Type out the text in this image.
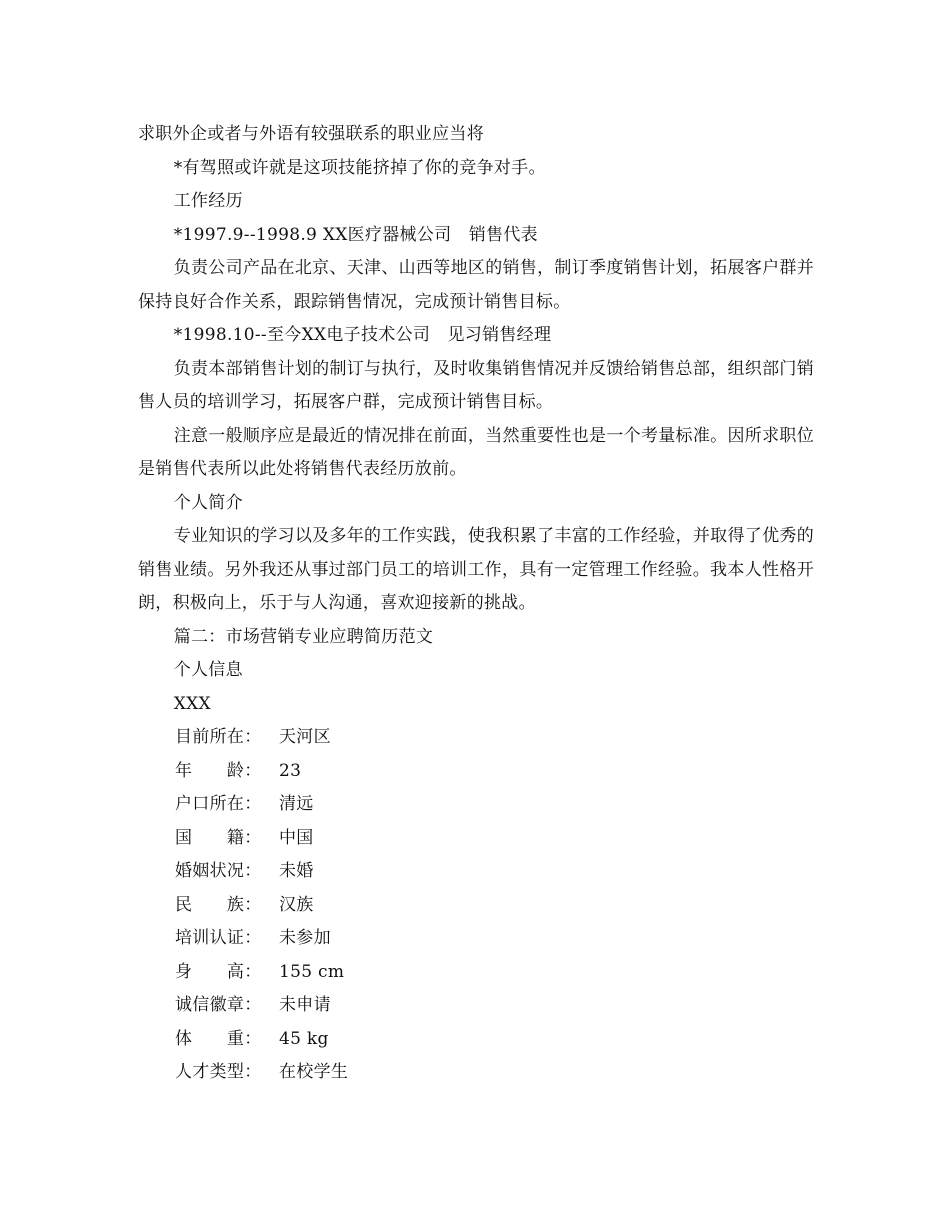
求职外企或者与外语有较强联系的职业应当将

*有驾照或许就是这项技能挤掉了你的竞争对手。

工作经历

*1997.9--1998.9 XX医疗器械公司　销售代表

负责公司产品在北京、天津、山西等地区的销售，制订季度销售计划，拓展客户群并保持良好合作关系，跟踪销售情况，完成预计销售目标。

*1998.10--至今XX电子技术公司　见习销售经理

负责本部销售计划的制订与执行，及时收集销售情况并反馈给销售总部，组织部门销售人员的培训学习，拓展客户群，完成预计销售目标。

注意一般顺序应是最近的情况排在前面，当然重要性也是一个考量标准。因所求职位是销售代表所以此处将销售代表经历放前。

个人简介

专业知识的学习以及多年的工作实践，使我积累了丰富的工作经验，并取得了优秀的销售业绩。另外我还从事过部门员工的培训工作，具有一定管理工作经验。我本人性格开朗，积极向上，乐于与人沟通，喜欢迎接新的挑战。

篇二：市场营销专业应聘简历范文

个人信息

XXX

目前所在：	天河区
年　　龄：	23
户口所在：	清远
国　　籍：	中国
婚姻状况：	未婚
民　　族：	汉族
培训认证：	未参加
身　　高：	155 cm
诚信徽章：	未申请
体　　重：	45 kg
人才类型：	在校学生
